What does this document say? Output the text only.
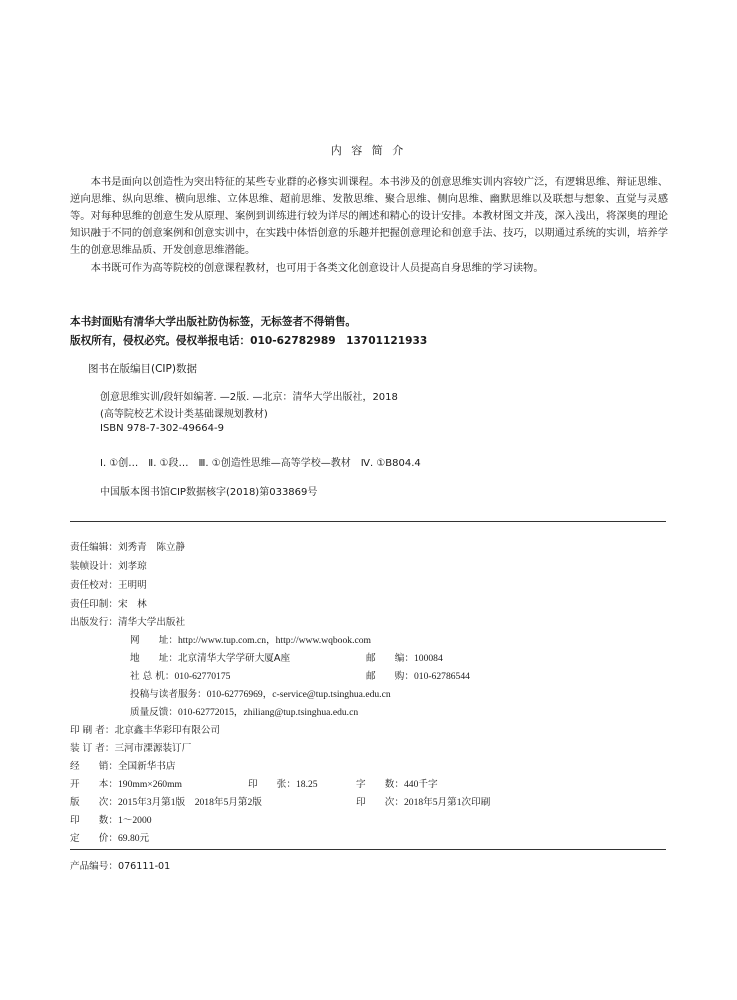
内 容 简 介

本书是面向以创造性为突出特征的某些专业群的必修实训课程。本书涉及的创意思维实训内容较广泛，有逻辑思维、辩证思维、逆向思维、纵向思维、横向思维、立体思维、超前思维、发散思维、聚合思维、侧向思维、幽默思维以及联想与想象、直觉与灵感等。对每种思维的创意生发从原理、案例到训练进行较为详尽的阐述和精心的设计安排。本教材图文并茂，深入浅出，将深奥的理论知识融于不同的创意案例和创意实训中，在实践中体悟创意的乐趣并把握创意理论和创意手法、技巧，以期通过系统的实训，培养学生的创意思维品质、开发创意思维潜能。

本书既可作为高等院校的创意课程教材，也可用于各类文化创意设计人员提高自身思维的学习读物。

本书封面贴有清华大学出版社防伪标签，无标签者不得销售。
版权所有，侵权必究。侵权举报电话：010-62782989　13701121933
图书在版编目(CIP)数据
创意思维实训/段轩如编著. —2版. —北京：清华大学出版社，2018
(高等院校艺术设计类基础课规划教材)
ISBN 978-7-302-49664-9
Ⅰ. ①创…　Ⅱ. ①段…　Ⅲ. ①创造性思维—高等学校—教材　Ⅳ. ①B804.4
中国版本图书馆CIP数据核字(2018)第033869号
责任编辑：刘秀青　陈立静
装帧设计：刘孝琼
责任校对：王明明
责任印制：宋　林
出版发行：清华大学出版社
网　　址：http://www.tup.com.cn，http://www.wqbook.com
地　　址：北京清华大学学研大厦A座	邮　　编：100084
社 总 机：010-62770175	邮　　购：010-62786544
投稿与读者服务：010-62776969，c-service@tup.tsinghua.edu.cn
质量反馈：010-62772015，zhiliang@tup.tsinghua.edu.cn
印 刷 者：北京鑫丰华彩印有限公司
装 订 者：三河市溧源装订厂
经　　销：全国新华书店
开　　本：190mm×260mm	印　　张：18.25	字　　数：440千字
版　　次：2015年3月第1版　2018年5月第2版	印　　次：2018年5月第1次印刷
印　　数：1～2000
定　　价：69.80元
产品编号：076111-01
